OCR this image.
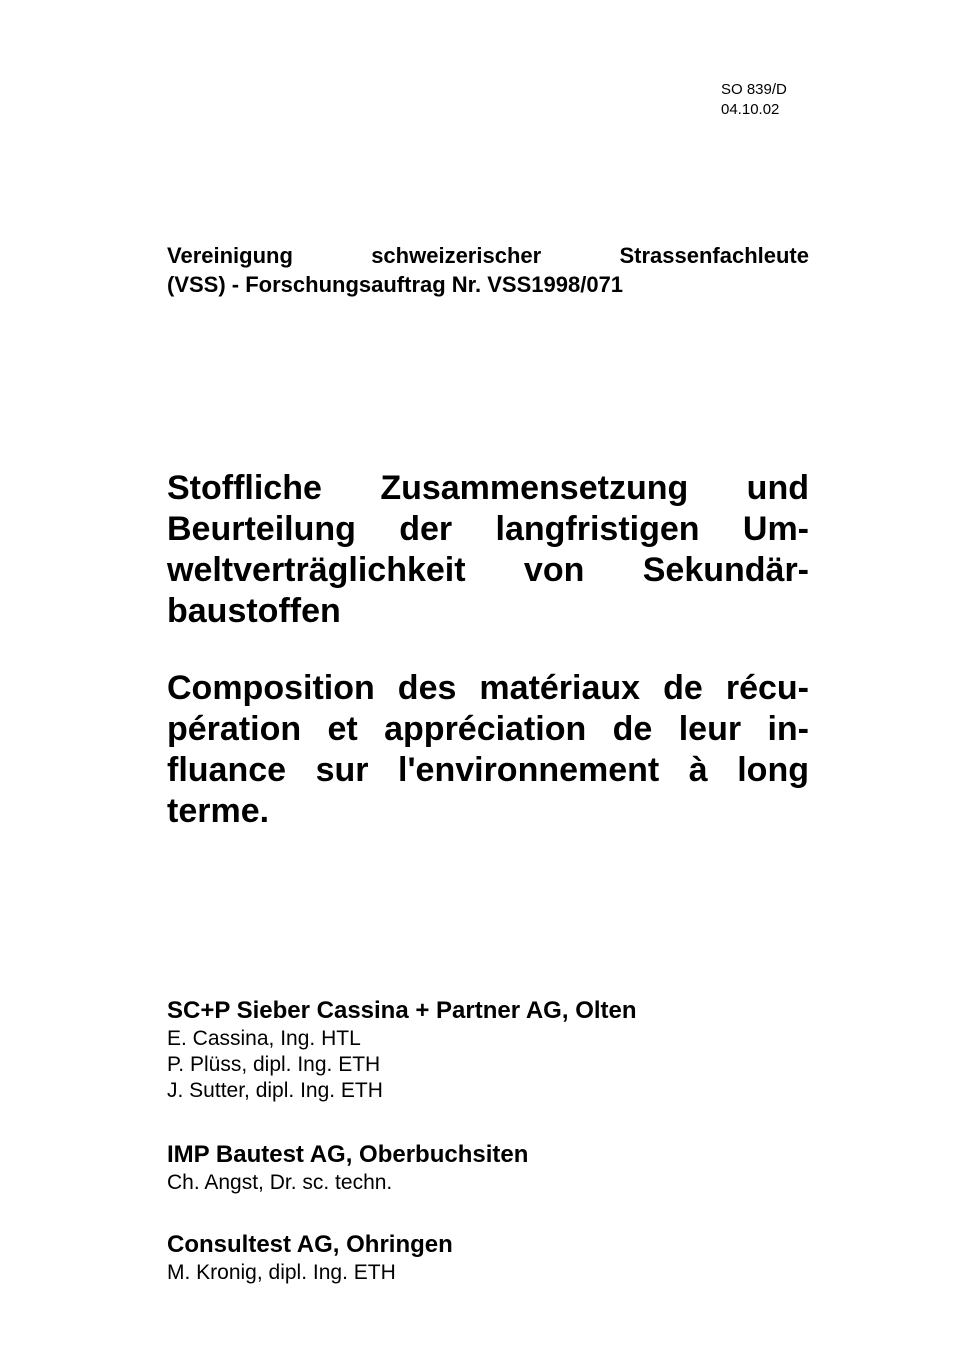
SO 839/D
04.10.02
Vereinigung schweizerischer Strassenfachleute
(VSS) - Forschungsauftrag Nr. VSS1998/071
Stoffliche Zusammensetzung und
Beurteilung der langfristigen Um-
weltverträglichkeit von Sekundär-
baustoffen
Composition des matériaux de récu-
pération et appréciation de leur in-
fluance sur l'environnement à long
terme.
SC+P Sieber Cassina + Partner AG, Olten
E. Cassina, Ing. HTL
P. Plüss, dipl. Ing. ETH
J. Sutter, dipl. Ing. ETH
IMP Bautest AG, Oberbuchsiten
Ch. Angst, Dr. sc. techn.
Consultest AG, Ohringen
M. Kronig, dipl. Ing. ETH
